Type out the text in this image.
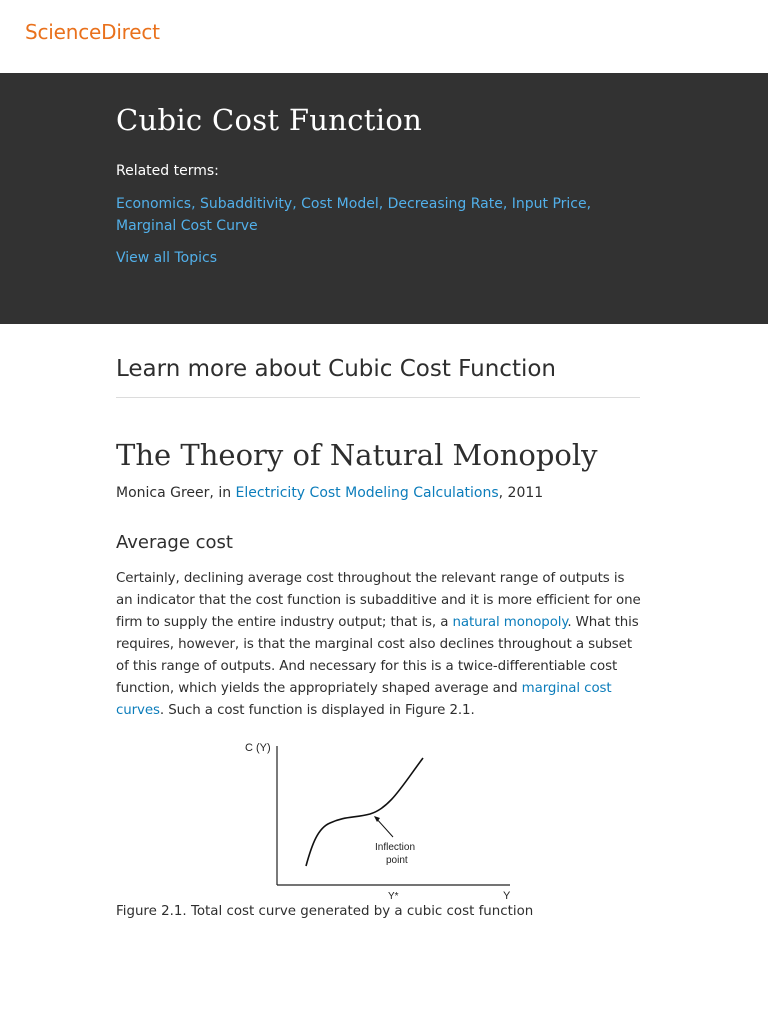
ScienceDirect
Cubic Cost Function
Related terms:
Economics, Subadditivity, Cost Model, Decreasing Rate, Input Price, Marginal Cost Curve
View all Topics
Learn more about Cubic Cost Function
The Theory of Natural Monopoly
Monica Greer, in Electricity Cost Modeling Calculations, 2011
Average cost

Certainly, declining average cost throughout the relevant range of outputs is an indicator that the cost function is subadditive and it is more efficient for one firm to supply the entire industry output; that is, a natural monopoly. What this requires, however, is that the marginal cost also declines throughout a subset of this range of outputs. And necessary for this is a twice-differentiable cost function, which yields the appropriately shaped average and marginal cost curves. Such a cost function is displayed in Figure 2.1.

C (Y)
Y
Y*
Inflection
point
Figure 2.1. Total cost curve generated by a cubic cost function
